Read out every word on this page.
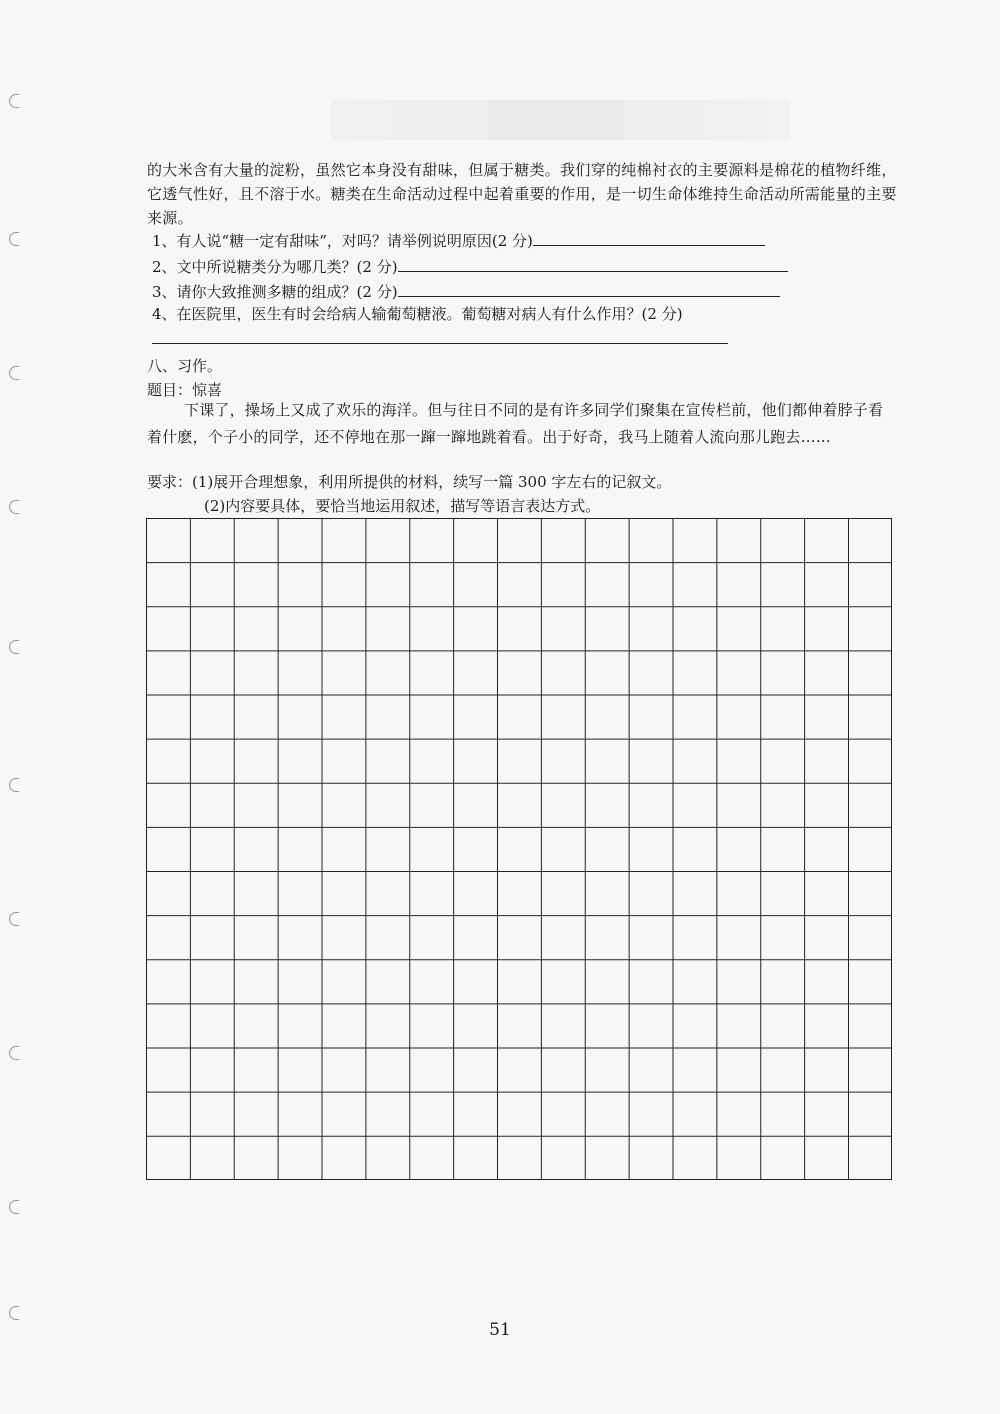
的大米含有大量的淀粉，虽然它本身没有甜味，但属于糖类。我们穿的纯棉衬衣的主要源料是棉花的植物纤维，它透气性好，且不溶于水。糖类在生命活动过程中起着重要的作用，是一切生命体维持生命活动所需能量的主要来源。
1、有人说“糖一定有甜味”，对吗？请举例说明原因(2 分)
2、文中所说糖类分为哪几类？(2 分)
3、请你大致推测多糖的组成？(2 分)
4、在医院里，医生有时会给病人输葡萄糖液。葡萄糖对病人有什么作用？(2 分)
八、习作。
题目：惊喜
下课了，操场上又成了欢乐的海洋。但与往日不同的是有许多同学们聚集在宣传栏前，他们都伸着脖子看着什麽，个子小的同学，还不停地在那一蹿一蹿地跳着看。出于好奇，我马上随着人流向那儿跑去……
要求：(1)展开合理想象，利用所提供的材料，续写一篇 300 字左右的记叙文。
(2)内容要具体，要恰当地运用叙述，描写等语言表达方式。
51
